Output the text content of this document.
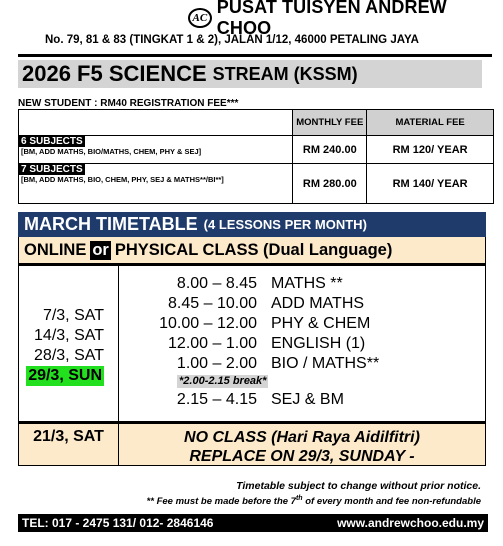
AC
PUSAT TUISYEN ANDREW CHOO
No. 79, 81 & 83 (TINGKAT 1 & 2), JALAN 1/12, 46000 PETALING JAYA
2026 F5 SCIENCE STREAM (KSSM)
NEW STUDENT : RM40 REGISTRATION FEE***
	MONTHLY FEE	MATERIAL FEE
6 SUBJECTS
[BM, ADD MATHS, BIO/MATHS, CHEM, PHY & SEJ]	RM 240.00	RM 120/ YEAR
7 SUBJECTS
[BM, ADD MATHS, BIO, CHEM, PHY, SEJ & MATHS**/BI**]	RM 280.00	RM 140/ YEAR
MARCH TIMETABLE (4 LESSONS PER MONTH)
ONLINE or PHYSICAL CLASS (Dual Language)
7/3, SAT
14/3, SAT
28/3, SAT
29/3, SUN
8.00 – 8.45 MATHS **
8.45 – 10.00 ADD MATHS
10.00 – 12.00 PHY & CHEM
12.00 – 1.00 ENGLISH (1)
1.00 – 2.00 BIO / MATHS**
*2.00-2.15 break*
2.15 – 4.15 SEJ & BM
21/3, SAT	NO CLASS (Hari Raya Aidilfitri)
REPLACE ON 29/3, SUNDAY -
Timetable subject to change without prior notice.
** Fee must be made before the 7th of every month and fee non-refundable
TEL: 017 - 2475 131/ 012- 2846146	www.andrewchoo.edu.my
